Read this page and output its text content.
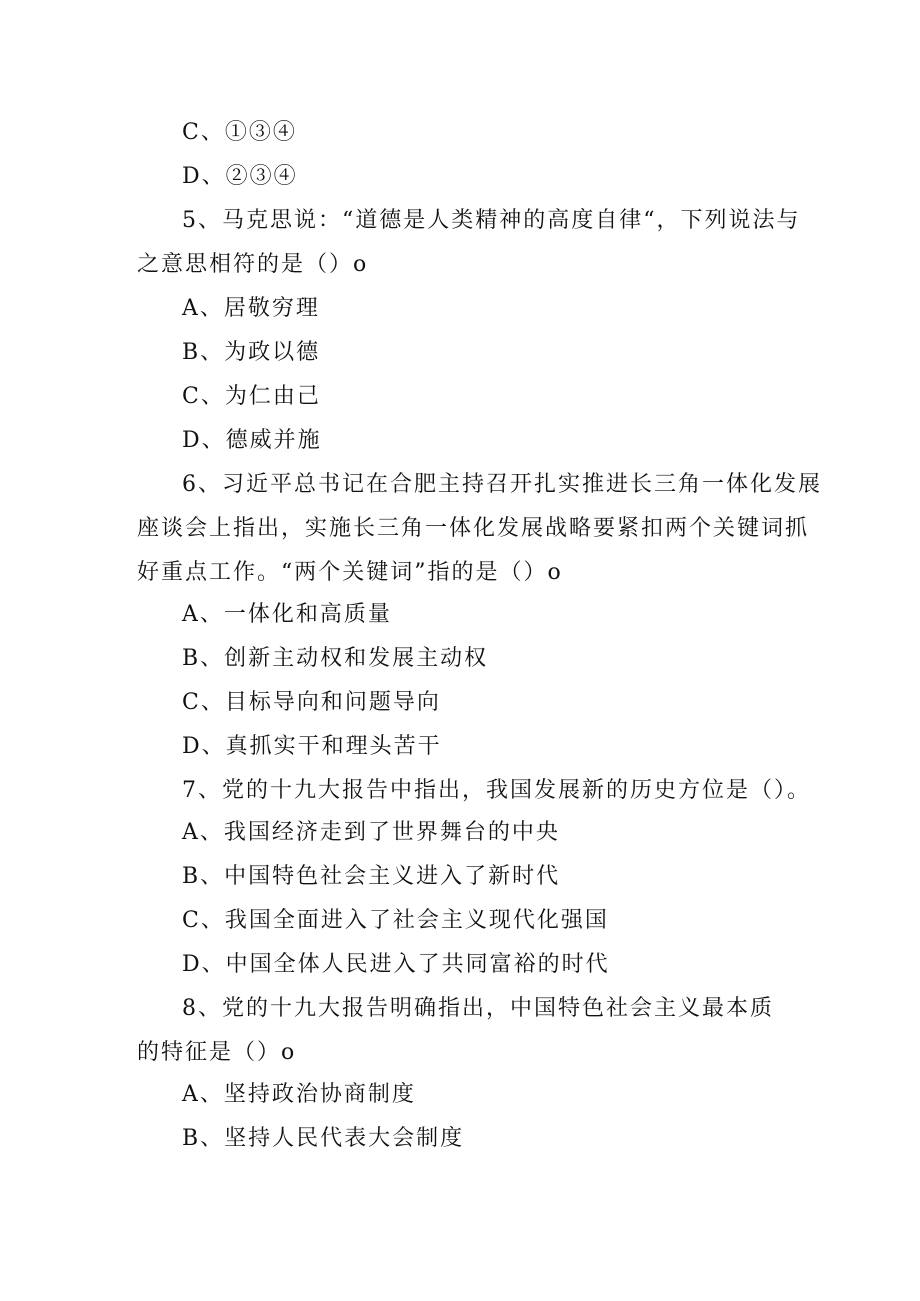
C、①③④
D、②③④
5、马克思说：“道德是人类精神的高度自律“，下列说法与
之意思相符的是（）o
A、居敬穷理
B、为政以德
C、为仁由己
D、德威并施
6、习近平总书记在合肥主持召开扎实推进长三角一体化发展
座谈会上指出，实施长三角一体化发展战略要紧扣两个关键词抓
好重点工作。“两个关键词”指的是（）o
A、一体化和高质量
B、创新主动权和发展主动权
C、目标导向和问题导向
D、真抓实干和理头苦干
7、党的十九大报告中指出，我国发展新的历史方位是（）。
A、我国经济走到了世界舞台的中央
B、中国特色社会主义进入了新时代
C、我国全面进入了社会主义现代化强国
D、中国全体人民进入了共同富裕的时代
8、党的十九大报告明确指出，中国特色社会主义最本质
的特征是（）o
A、坚持政治协商制度
B、坚持人民代表大会制度
